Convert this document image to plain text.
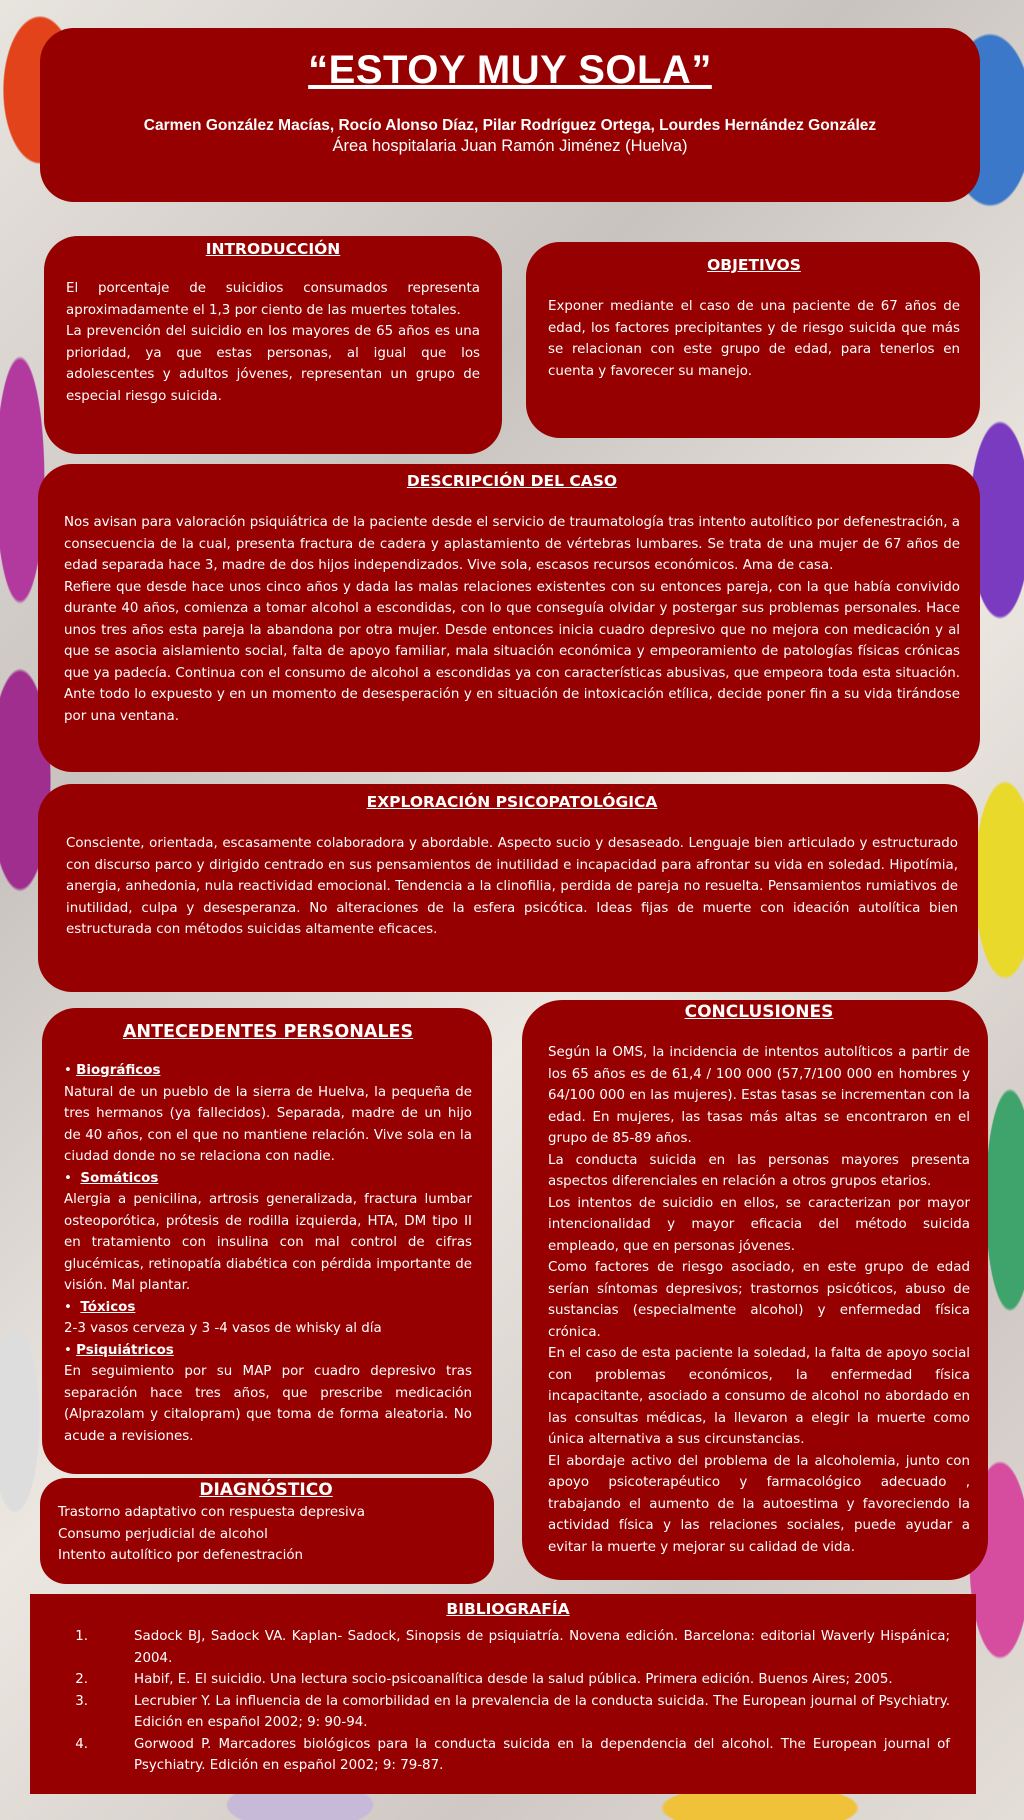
“ESTOY MUY SOLA”

Carmen González Macías, Rocío Alonso Díaz, Pilar Rodríguez Ortega, Lourdes Hernández González

Área hospitalaria Juan Ramón Jiménez (Huelva)

INTRODUCCIÓN

El porcentaje de suicidios consumados representa aproximadamente el 1,3 por ciento de las muertes totales.

La prevención del suicidio en los mayores de 65 años es una prioridad, ya que estas personas, al igual que los adolescentes y adultos jóvenes, representan un grupo de especial riesgo suicida.

OBJETIVOS

Exponer mediante el caso de una paciente de 67 años de edad, los factores precipitantes y de riesgo suicida que más se relacionan con este grupo de edad, para tenerlos en cuenta y favorecer su manejo.

DESCRIPCIÓN DEL CASO

Nos avisan para valoración psiquiátrica de la paciente desde el servicio de traumatología tras intento autolítico por defenestración, a consecuencia de la cual, presenta fractura de cadera y aplastamiento de vértebras lumbares. Se trata de una mujer de 67 años de edad separada hace 3, madre de dos hijos independizados. Vive sola, escasos recursos económicos. Ama de casa.

Refiere que desde hace unos cinco años y dada las malas relaciones existentes con su entonces pareja, con la que había convivido durante 40 años, comienza a tomar alcohol a escondidas, con lo que conseguía olvidar y postergar sus problemas personales. Hace unos tres años esta pareja la abandona por otra mujer. Desde entonces inicia cuadro depresivo que no mejora con medicación y al que se asocia aislamiento social, falta de apoyo familiar, mala situación económica y empeoramiento de patologías físicas crónicas que ya padecía. Continua con el consumo de alcohol a escondidas ya con características abusivas, que empeora toda esta situación. Ante todo lo expuesto y en un momento de desesperación y en situación de intoxicación etílica, decide poner fin a su vida tirándose por una ventana.

EXPLORACIÓN PSICOPATOLÓGICA

Consciente, orientada, escasamente colaboradora y abordable. Aspecto sucio y desaseado. Lenguaje bien articulado y estructurado con discurso parco y dirigido centrado en sus pensamientos de inutilidad e incapacidad para afrontar su vida en soledad. Hipotímia, anergia, anhedonia, nula reactividad emocional. Tendencia a la clinofilia, perdida de pareja no resuelta. Pensamientos rumiativos de inutilidad, culpa y desesperanza. No alteraciones de la esfera psicótica. Ideas fijas de muerte con ideación autolítica bien estructurada con métodos suicidas altamente eficaces.

ANTECEDENTES PERSONALES

• Biográficos

Natural de un pueblo de la sierra de Huelva, la pequeña de tres hermanos (ya fallecidos). Separada, madre de un hijo de 40 años, con el que no mantiene relación. Vive sola en la ciudad donde no se relaciona con nadie.

•  Somáticos

Alergia a penicilina, artrosis generalizada, fractura lumbar osteoporótica, prótesis de rodilla izquierda, HTA, DM tipo II en tratamiento con insulina con mal control de cifras glucémicas, retinopatía diabética con pérdida importante de visión. Mal plantar.

•  Tóxicos

2-3 vasos cerveza y 3 -4 vasos de whisky al día

• Psiquiátricos

En seguimiento por su MAP por cuadro depresivo tras separación hace tres años, que prescribe medicación (Alprazolam y citalopram) que toma de forma aleatoria. No acude a revisiones.

DIAGNÓSTICO

Trastorno adaptativo con respuesta depresiva

Consumo perjudicial de alcohol

Intento autolítico por defenestración

CONCLUSIONES

Según la OMS, la incidencia de intentos autolíticos a partir de los 65 años es de 61,4 / 100 000 (57,7/100 000 en hombres y 64/100 000 en las mujeres). Estas tasas se incrementan con la edad. En mujeres, las tasas más altas se encontraron en el grupo de 85-89 años.

La conducta suicida en las personas mayores presenta aspectos diferenciales en relación a otros grupos etarios.

Los intentos de suicidio en ellos, se caracterizan por mayor intencionalidad y mayor eficacia del método suicida empleado, que en personas jóvenes.

Como factores de riesgo asociado, en este grupo de edad serían síntomas depresivos; trastornos psicóticos, abuso de sustancias (especialmente alcohol) y enfermedad física crónica.

En el caso de esta paciente la soledad, la falta de apoyo social con problemas económicos, la enfermedad física incapacitante, asociado a consumo de alcohol no abordado en las consultas médicas, la llevaron a elegir la muerte como única alternativa a sus circunstancias.

El abordaje activo del problema de la alcoholemia, junto con apoyo psicoterapéutico y farmacológico adecuado , trabajando el aumento de la autoestima y favoreciendo la actividad física y las relaciones sociales, puede ayudar a evitar la muerte y mejorar su calidad de vida.

BIBLIOGRAFÍA
1.	Sadock BJ, Sadock VA. Kaplan- Sadock, Sinopsis de psiquiatría. Novena edición. Barcelona: editorial Waverly Hispánica; 2004.
2.	Habif, E. El suicidio. Una lectura socio-psicoanalítica desde la salud pública. Primera edición. Buenos Aires; 2005.
3.	Lecrubier Y. La influencia de la comorbilidad en la prevalencia de la conducta suicida. The European journal of Psychiatry. Edición en español 2002; 9: 90-94.
4.	Gorwood P. Marcadores biológicos para la conducta suicida en la dependencia del alcohol. The European journal of Psychiatry. Edición en español 2002; 9: 79-87.
